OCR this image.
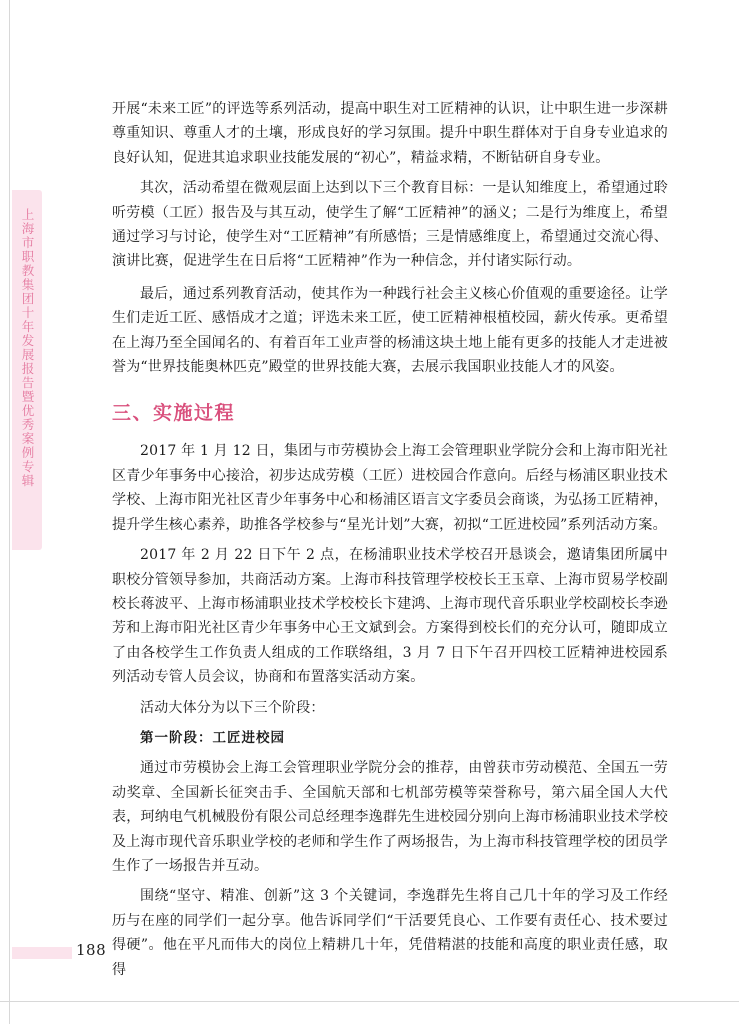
上海市职教集团十年发展报告暨优秀案例专辑

开展“未来工匠”的评选等系列活动，提高中职生对工匠精神的认识，让中职生进一步深耕尊重知识、尊重人才的土壤，形成良好的学习氛围。提升中职生群体对于自身专业追求的良好认知，促进其追求职业技能发展的“初心”，精益求精，不断钻研自身专业。

其次，活动希望在微观层面上达到以下三个教育目标：一是认知维度上，希望通过聆听劳模（工匠）报告及与其互动，使学生了解“工匠精神”的涵义；二是行为维度上，希望通过学习与讨论，使学生对“工匠精神”有所感悟；三是情感维度上，希望通过交流心得、演讲比赛，促进学生在日后将“工匠精神”作为一种信念，并付诸实际行动。

最后，通过系列教育活动，使其作为一种践行社会主义核心价值观的重要途径。让学生们走近工匠、感悟成才之道；评选未来工匠，使工匠精神根植校园，薪火传承。更希望在上海乃至全国闻名的、有着百年工业声誉的杨浦这块土地上能有更多的技能人才走进被誉为“世界技能奥林匹克”殿堂的世界技能大赛，去展示我国职业技能人才的风姿。

三、实施过程

2017 年 1 月 12 日，集团与市劳模协会上海工会管理职业学院分会和上海市阳光社区青少年事务中心接洽，初步达成劳模（工匠）进校园合作意向。后经与杨浦区职业技术学校、上海市阳光社区青少年事务中心和杨浦区语言文字委员会商谈，为弘扬工匠精神，提升学生核心素养，助推各学校参与“星光计划”大赛，初拟“工匠进校园”系列活动方案。

2017 年 2 月 22 日下午 2 点，在杨浦职业技术学校召开恳谈会，邀请集团所属中职校分管领导参加，共商活动方案。上海市科技管理学校校长王玉章、上海市贸易学校副校长蒋波平、上海市杨浦职业技术学校校长卞建鸿、上海市现代音乐职业学校副校长李逊芳和上海市阳光社区青少年事务中心王文斌到会。方案得到校长们的充分认可，随即成立了由各校学生工作负责人组成的工作联络组，3 月 7 日下午召开四校工匠精神进校园系列活动专管人员会议，协商和布置落实活动方案。

活动大体分为以下三个阶段：

第一阶段：工匠进校园

通过市劳模协会上海工会管理职业学院分会的推荐，由曾获市劳动模范、全国五一劳动奖章、全国新长征突击手、全国航天部和七机部劳模等荣誉称号，第六届全国人大代表，珂纳电气机械股份有限公司总经理李逸群先生进校园分别向上海市杨浦职业技术学校及上海市现代音乐职业学校的老师和学生作了两场报告，为上海市科技管理学校的团员学生作了一场报告并互动。

围绕“坚守、精准、创新”这 3 个关键词，李逸群先生将自己几十年的学习及工作经历与在座的同学们一起分享。他告诉同学们“干活要凭良心、工作要有责任心、技术要过得硬”。他在平凡而伟大的岗位上精耕几十年，凭借精湛的技能和高度的职业责任感，取得

188
